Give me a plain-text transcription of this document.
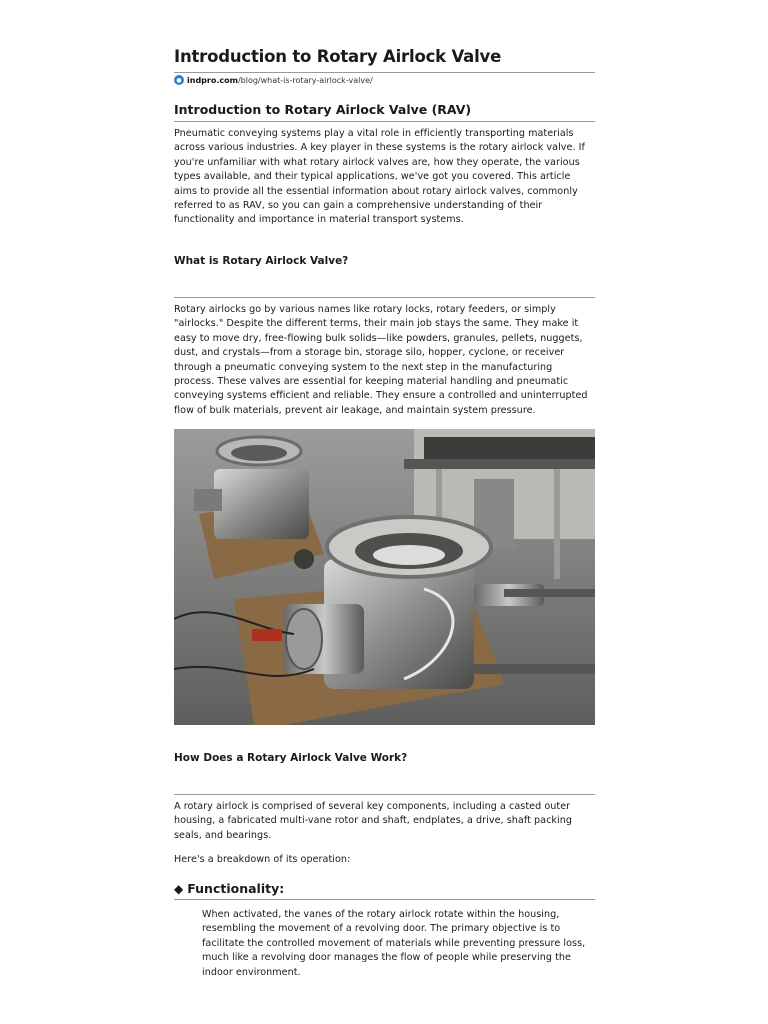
Introduction to Rotary Airlock Valve
● indpro.com /blog/what-is-rotary-airlock-valve/
Introduction to Rotary Airlock Valve (RAV)

Pneumatic conveying systems play a vital role in efficiently transporting materials across various industries. A key player in these systems is the rotary airlock valve. If you're unfamiliar with what rotary airlock valves are, how they operate, the various types available, and their typical applications, we've got you covered. This article aims to provide all the essential information about rotary airlock valves, commonly referred to as RAV, so you can gain a comprehensive understanding of their functionality and importance in material transport systems.

What is Rotary Airlock Valve?

Rotary airlocks go by various names like rotary locks, rotary feeders, or simply "airlocks." Despite the different terms, their main job stays the same. They make it easy to move dry, free-flowing bulk solids—like powders, granules, pellets, nuggets, dust, and crystals—from a storage bin, storage silo, hopper, cyclone, or receiver through a pneumatic conveying system to the next step in the manufacturing process. These valves are essential for keeping material handling and pneumatic conveying systems efficient and reliable. They ensure a controlled and uninterrupted flow of bulk materials, prevent air leakage, and maintain system pressure.

How Does a Rotary Airlock Valve Work?

A rotary airlock is comprised of several key components, including a casted outer housing, a fabricated multi-vane rotor and shaft, endplates, a drive, shaft packing seals, and bearings.

Here's a breakdown of its operation:

◆ Functionality:

When activated, the vanes of the rotary airlock rotate within the housing, resembling the movement of a revolving door. The primary objective is to facilitate the controlled movement of materials while preventing pressure loss, much like a revolving door manages the flow of people while preserving the indoor environment.
